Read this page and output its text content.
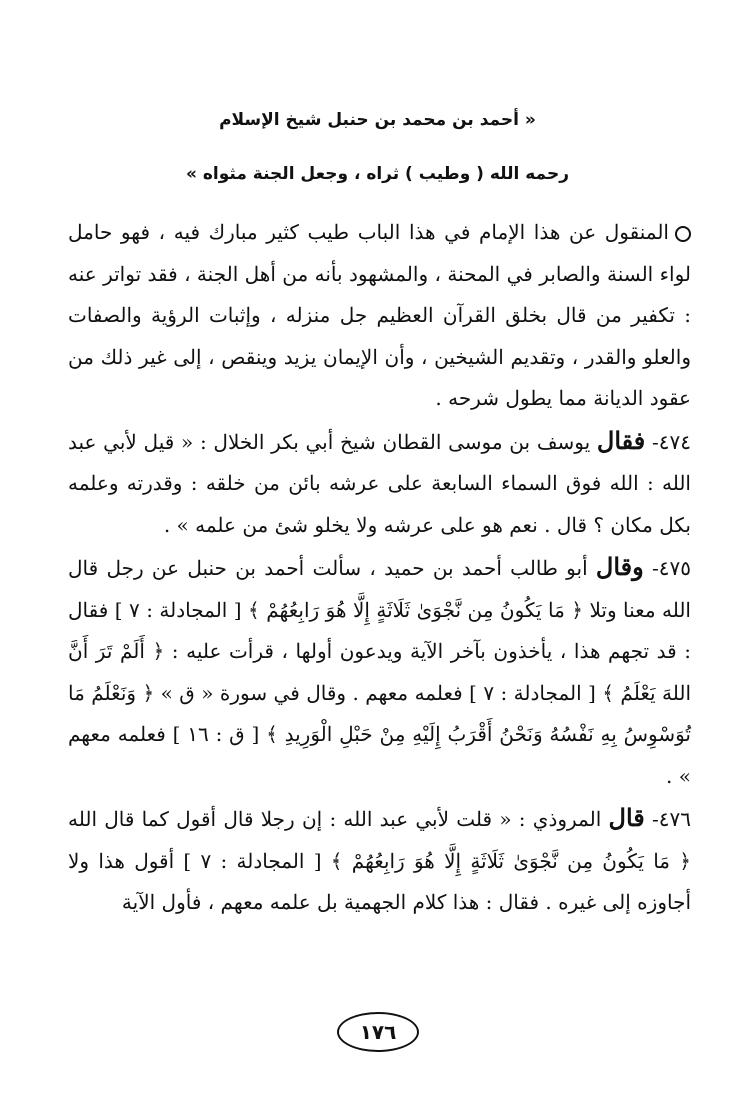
« أحمد بن محمد بن حنبل شيخ الإسلام
رحمه الله ( وطيب ) ثراه ، وجعل الجنة مثواه »

المنقول عن هذا الإمام في هذا الباب طيب كثير مبارك فيه ، فهو حامل لواء السنة والصابر في المحنة ، والمشهود بأنه من أهل الجنة ، فقد تواتر عنه : تكفير من قال بخلق القرآن العظيم جل منزله ، وإثبات الرؤية والصفات والعلو والقدر ، وتقديم الشيخين ، وأن الإيمان يزيد وينقص ، إلى غير ذلك من عقود الديانة مما يطول شرحه .

٤٧٤- فقال يوسف بن موسى القطان شيخ أبي بكر الخلال : « قيل لأبي عبد الله : الله فوق السماء السابعة على عرشه بائن من خلقه : وقدرته وعلمه بكل مكان ؟ قال . نعم هو على عرشه ولا يخلو شئ من علمه » .

٤٧٥- وقال أبو طالب أحمد بن حميد ، سألت أحمد بن حنبل عن رجل قال الله معنا وتلا ﴿ مَا يَكُونُ مِن نَّجْوَىٰ ثَلَاثَةٍ إِلَّا هُوَ رَابِعُهُمْ ﴾ [ المجادلة : ٧ ] فقال : قد تجهم هذا ، يأخذون بآخر الآية ويدعون أولها ، قرأت عليه : ﴿ أَلَمْ تَرَ أَنَّ اللهَ يَعْلَمُ ﴾ [ المجادلة : ٧ ] فعلمه معهم . وقال في سورة « ق » ﴿ وَنَعْلَمُ مَا تُوَسْوِسُ بِهِ نَفْسُهُ وَنَحْنُ أَقْرَبُ إِلَيْهِ مِنْ حَبْلِ الْوَرِيدِ ﴾ [ ق : ١٦ ] فعلمه معهم » .

٤٧٦- قال المروذي : « قلت لأبي عبد الله : إن رجلا قال أقول كما قال الله ﴿ مَا يَكُونُ مِن نَّجْوَىٰ ثَلَاثَةٍ إِلَّا هُوَ رَابِعُهُمْ ﴾ [ المجادلة : ٧ ] أقول هذا ولا أجاوزه إلى غيره . فقال : هذا كلام الجهمية بل علمه معهم ، فأول الآية

١٧٦
